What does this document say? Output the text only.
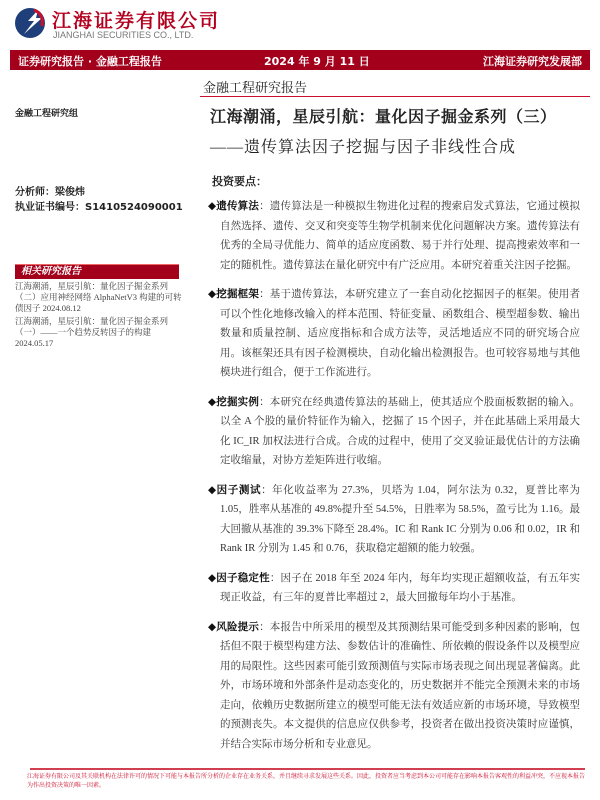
江海证券有限公司
JIANGHAI SECURITIES CO., LTD.
证券研究报告 · 金融工程报告	2024 年 9 月 11 日	江海证券研究发展部
金融工程研究报告
江海潮涌，星辰引航：量化因子掘金系列（三）
——遗传算法因子挖掘与因子非线性合成
金融工程研究组
分析师：梁俊炜
执业证书编号：S1410524090001
相关研究报告
江海潮涌，星辰引航：量化因子掘金系列（二）应用神经网络 AlphaNetV3 构建的可转债因子 2024.08.12
江海潮涌，星辰引航：量化因子掘金系列（一）——一个趋势反转因子的构建 2024.05.17
投资要点：
◆遗传算法：遗传算法是一种模拟生物进化过程的搜索启发式算法，它通过模拟自然选择、遗传、交叉和突变等生物学机制来优化问题解决方案。遗传算法有优秀的全局寻优能力、简单的适应度函数、易于并行处理、提高搜索效率和一定的随机性。遗传算法在量化研究中有广泛应用。本研究着重关注因子挖掘。
◆挖掘框架：基于遗传算法，本研究建立了一套自动化挖掘因子的框架。使用者可以个性化地修改输入的样本范围、特征变量、函数组合、模型超参数、输出数量和质量控制、适应度指标和合成方法等，灵活地适应不同的研究场合应用。该框架还具有因子检测模块，自动化输出检测报告。也可较容易地与其他模块进行组合，便于工作流进行。
◆挖掘实例：本研究在经典遗传算法的基础上，使其适应个股面板数据的输入。以全 A 个股的量价特征作为输入，挖掘了 15 个因子，并在此基础上采用最大化 IC_IR 加权法进行合成。合成的过程中，使用了交叉验证最优估计的方法确定收缩量，对协方差矩阵进行收缩。
◆因子测试：年化收益率为 27.3%，贝塔为 1.04，阿尔法为 0.32，夏普比率为 1.05，胜率从基准的 49.8%提升至 54.5%，日胜率为 58.5%，盈亏比为 1.16。最大回撤从基准的 39.3%下降至 28.4%。IC 和 Rank IC 分别为 0.06 和 0.02，IR 和 Rank IR 分别为 1.45 和 0.76，获取稳定超额的能力较强。
◆因子稳定性：因子在 2018 年至 2024 年内，每年均实现正超额收益，有五年实现正收益，有三年的夏普比率超过 2，最大回撤每年均小于基准。
◆风险提示：本报告中所采用的模型及其预测结果可能受到多种因素的影响，包括但不限于模型构建方法、参数估计的准确性、所依赖的假设条件以及模型应用的局限性。这些因素可能引致预测值与实际市场表现之间出现显著偏离。此外，市场环境和外部条件是动态变化的，历史数据并不能完全预测未来的市场走向，依赖历史数据所建立的模型可能无法有效适应新的市场环境，导致模型的预测丧失。本文提供的信息应仅供参考，投资者在做出投资决策时应谨慎，并结合实际市场分析和专业意见。
江海证券有限公司及其关联机构在法律许可的情况下可能与本报告所分析的企业存在业务关系，并且继续寻求发展这些关系。因此，投资者应当考虑到本公司可能存在影响本报告客观性的利益冲突，不应视本报告为作出投资决策的唯一因素。
